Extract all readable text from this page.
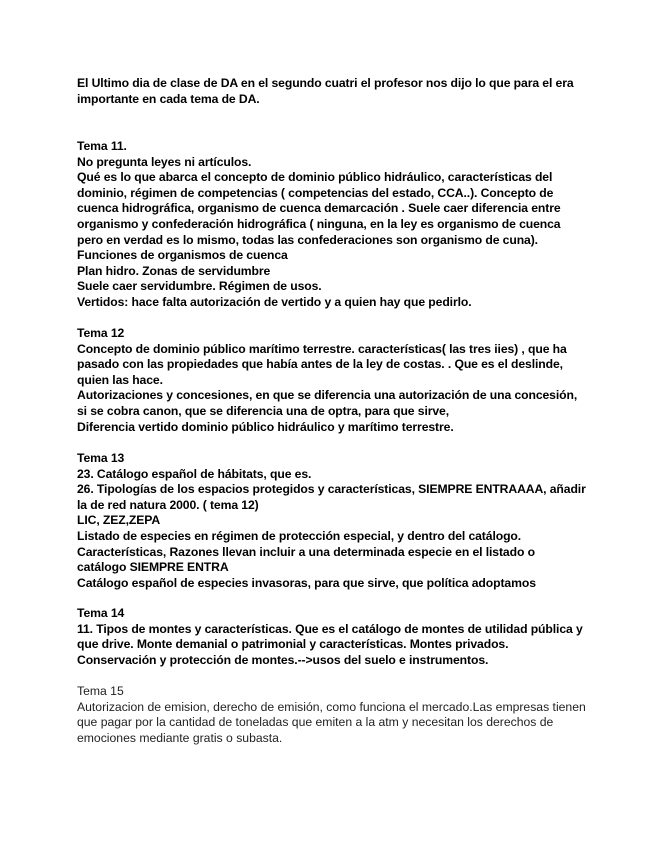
El Ultimo dia de clase de DA en el segundo cuatri el profesor nos dijo lo que para el era
importante en cada tema de DA.
Tema 11.
No pregunta leyes ni artículos.
Qué es lo que abarca el concepto de dominio público hidráulico, características del
dominio, régimen de competencias ( competencias del estado, CCA..). Concepto de
cuenca hidrográfica, organismo de cuenca demarcación . Suele caer diferencia entre
organismo y confederación hidrográfica ( ninguna, en la ley es organismo de cuenca
pero en verdad es lo mismo, todas las confederaciones son organismo de cuna).
Funciones de organismos de cuenca
Plan hidro. Zonas de servidumbre
Suele caer servidumbre. Régimen de usos.
Vertidos: hace falta autorización de vertido y a quien hay que pedirlo.
Tema 12
Concepto de dominio público marítimo terrestre. características( las tres iies) , que ha
pasado con las propiedades que había antes de la ley de costas. . Que es el deslinde,
quien las hace.
Autorizaciones y concesiones, en que se diferencia una autorización de una concesión,
si se cobra canon, que se diferencia una de optra, para que sirve,
Diferencia vertido dominio público hidráulico y marítimo terrestre.
Tema 13
23. Catálogo español de hábitats, que es.
26. Tipologías de los espacios protegidos y características, SIEMPRE ENTRAAAA, añadir
la de red natura 2000. ( tema 12)
LIC, ZEZ,ZEPA
Listado de especies en régimen de protección especial, y dentro del catálogo.
Características, Razones llevan incluir a una determinada especie en el listado o
catálogo SIEMPRE ENTRA
Catálogo español de especies invasoras, para que sirve, que política adoptamos
Tema 14
11. Tipos de montes y características. Que es el catálogo de montes de utilidad pública y
que drive. Monte demanial o patrimonial y características. Montes privados.
Conservación y protección de montes.-->usos del suelo e instrumentos.
Tema 15
Autorizacion de emision, derecho de emisión, como funciona el mercado.Las empresas tienen
que pagar por la cantidad de toneladas que emiten a la atm y necesitan los derechos de
emociones mediante gratis o subasta.
